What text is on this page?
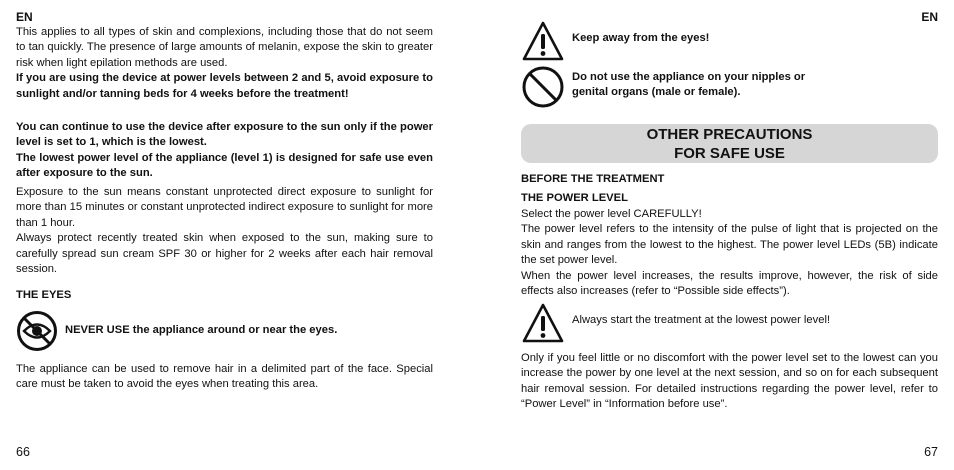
EN

This applies to all types of skin and complexions, including those that do not seem to tan quickly. The presence of large amounts of melanin, expose the skin to greater risk when light epilation methods are used.
If you are using the device at power levels between 2 and 5, avoid exposure to sunlight and/or tanning beds for 4 weeks before the treatment!

You can continue to use the device after exposure to the sun only if the power level is set to 1, which is the lowest.
The lowest power level of the appliance (level 1) is designed for safe use even after exposure to the sun.

Exposure to the sun means constant unprotected direct exposure to sunlight for more than 15 minutes or constant unprotected indirect exposure to sunlight for more than 1 hour.
Always protect recently treated skin when exposed to the sun, making sure to carefully spread sun cream SPF 30 or higher for 2 weeks after each hair removal session.

THE EYES
NEVER USE the appliance around or near the eyes.

The appliance can be used to remove hair in a delimited part of the face. Special care must be taken to avoid the eyes when treating this area.

66
EN
Keep away from the eyes!
Do not use the appliance on your nipples or
genital organs (male or female).
OTHER PRECAUTIONS
FOR SAFE USE
BEFORE THE TREATMENT
THE POWER LEVEL

Select the power level CAREFULLY!
The power level refers to the intensity of the pulse of light that is projected on the skin and ranges from the lowest to the highest. The power level LEDs (5B) indicate the set power level.
When the power level increases, the results improve, however, the risk of side effects also increases (refer to “Possible side effects”).

Always start the treatment at the lowest power level!

Only if you feel little or no discomfort with the power level set to the lowest can you increase the power by one level at the next session, and so on for each subsequent hair removal session. For detailed instructions regarding the power level, refer to “Power Level” in “Information before use”.

67
